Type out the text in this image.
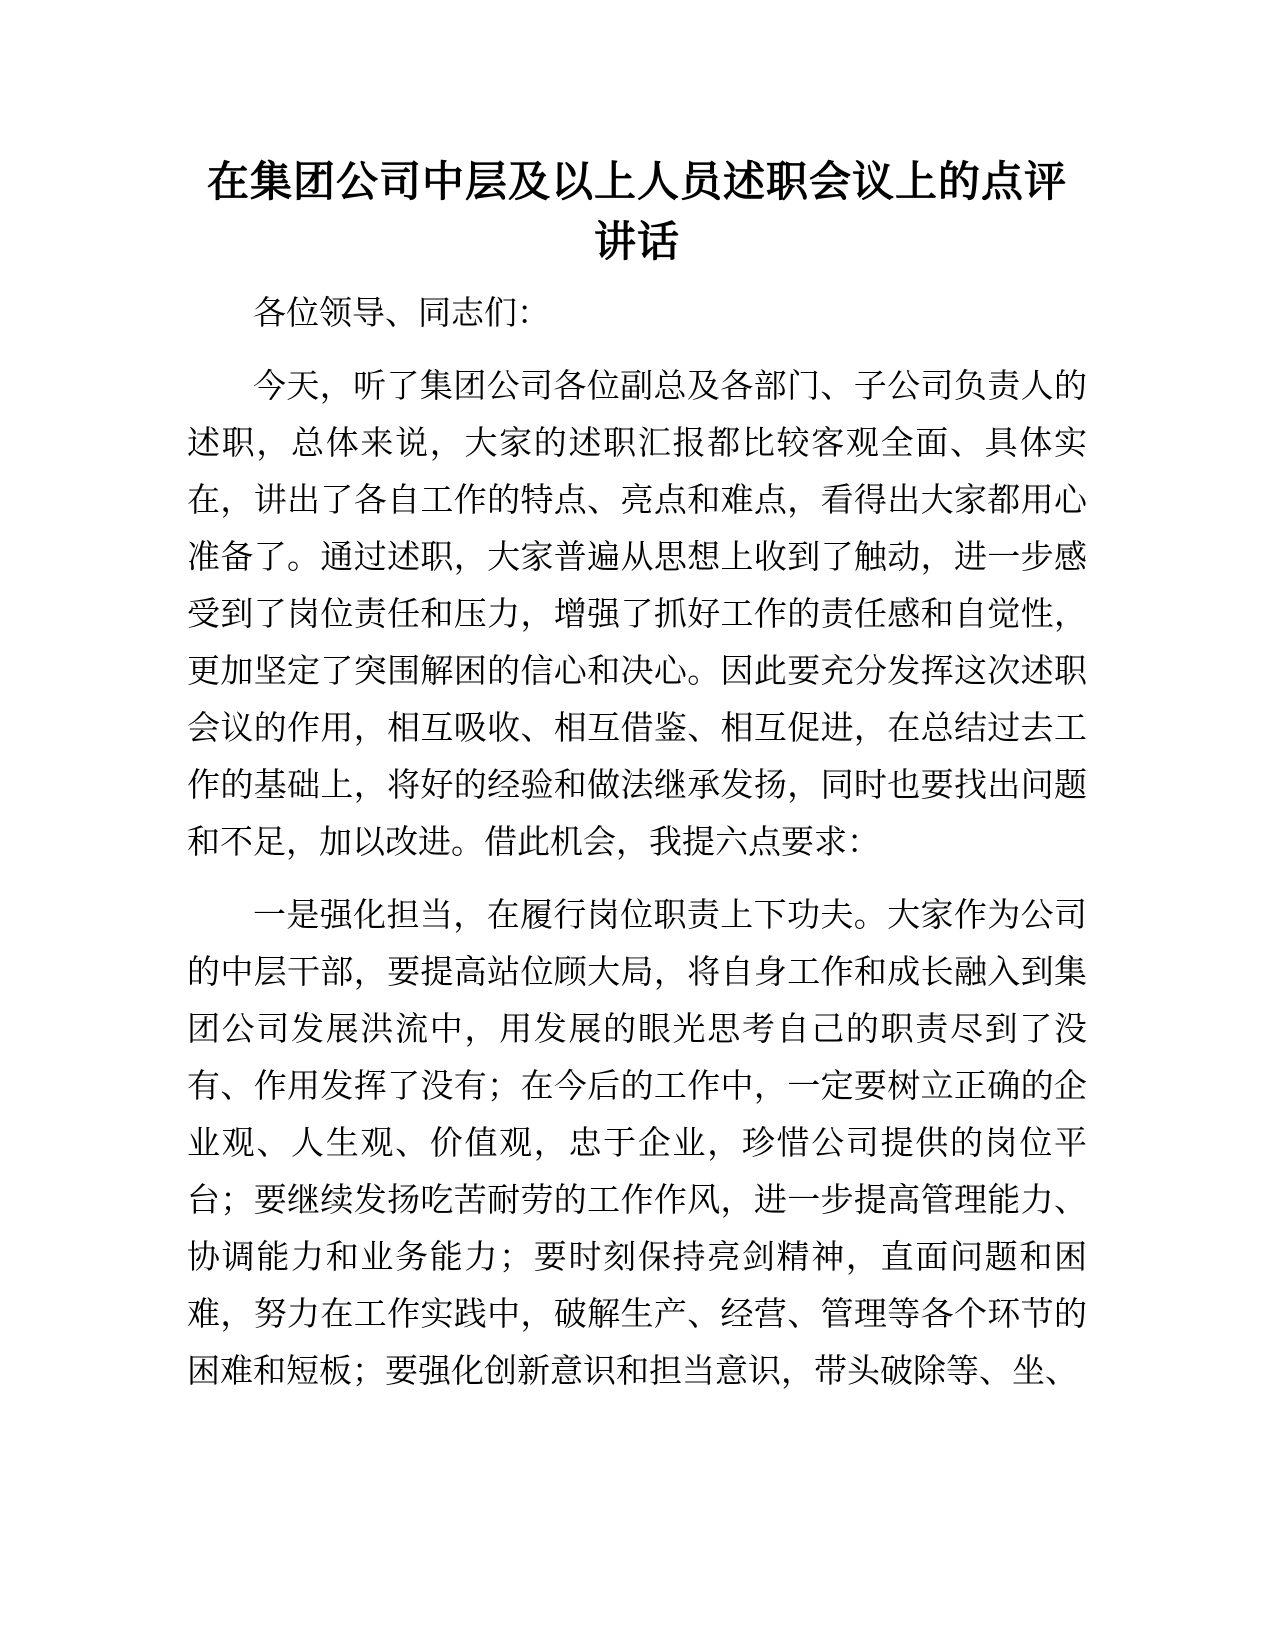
在集团公司中层及以上人员述职会议上的点评讲话

各位领导、同志们：

今天，听了集团公司各位副总及各部门、子公司负责人的述职，总体来说，大家的述职汇报都比较客观全面、具体实在，讲出了各自工作的特点、亮点和难点，看得出大家都用心准备了。通过述职，大家普遍从思想上收到了触动，进一步感受到了岗位责任和压力，增强了抓好工作的责任感和自觉性，更加坚定了突围解困的信心和决心。因此要充分发挥这次述职会议的作用，相互吸收、相互借鉴、相互促进，在总结过去工作的基础上，将好的经验和做法继承发扬，同时也要找出问题和不足，加以改进。借此机会，我提六点要求：

一是强化担当，在履行岗位职责上下功夫。大家作为公司的中层干部，要提高站位顾大局，将自身工作和成长融入到集团公司发展洪流中，用发展的眼光思考自己的职责尽到了没有、作用发挥了没有；在今后的工作中，一定要树立正确的企业观、人生观、价值观，忠于企业，珍惜公司提供的岗位平台；要继续发扬吃苦耐劳的工作作风，进一步提高管理能力、协调能力和业务能力；要时刻保持亮剑精神，直面问题和困难，努力在工作实践中，破解生产、经营、管理等各个环节的困难和短板；要强化创新意识和担当意识，带头破除等、坐、
